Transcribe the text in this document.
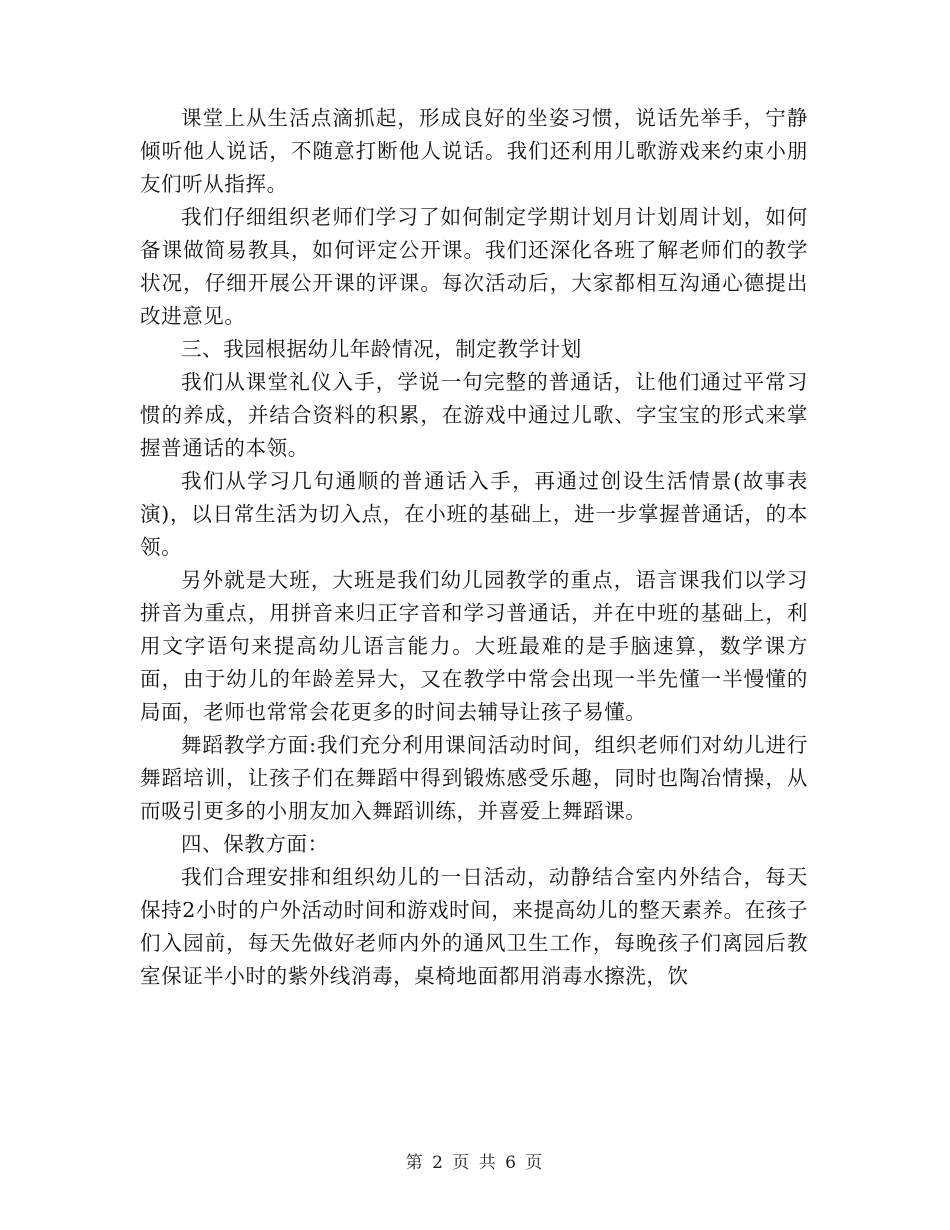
课堂上从生活点滴抓起，形成良好的坐姿习惯，说话先举手，宁静倾听他人说话，不随意打断他人说话。我们还利用儿歌游戏来约束小朋友们听从指挥。

我们仔细组织老师们学习了如何制定学期计划月计划周计划，如何备课做简易教具，如何评定公开课。我们还深化各班了解老师们的教学状况，仔细开展公开课的评课。每次活动后，大家都相互沟通心德提出改进意见。

三、我园根据幼儿年龄情况，制定教学计划

我们从课堂礼仪入手，学说一句完整的普通话，让他们通过平常习惯的养成，并结合资料的积累，在游戏中通过儿歌、字宝宝的形式来掌握普通话的本领。

我们从学习几句通顺的普通话入手，再通过创设生活情景(故事表演)，以日常生活为切入点，在小班的基础上，进一步掌握普通话，的本领。

另外就是大班，大班是我们幼儿园教学的重点，语言课我们以学习拼音为重点，用拼音来归正字音和学习普通话，并在中班的基础上，利用文字语句来提高幼儿语言能力。大班最难的是手脑速算，数学课方面，由于幼儿的年龄差异大，又在教学中常会出现一半先懂一半慢懂的局面，老师也常常会花更多的时间去辅导让孩子易懂。

舞蹈教学方面:我们充分利用课间活动时间，组织老师们对幼儿进行舞蹈培训，让孩子们在舞蹈中得到锻炼感受乐趣，同时也陶冶情操，从而吸引更多的小朋友加入舞蹈训练，并喜爱上舞蹈课。

四、保教方面：

我们合理安排和组织幼儿的一日活动，动静结合室内外结合，每天保持2小时的户外活动时间和游戏时间，来提高幼儿的整天素养。在孩子们入园前，每天先做好老师内外的通风卫生工作，每晚孩子们离园后教室保证半小时的紫外线消毒，桌椅地面都用消毒水擦洗，饮

第 2 页 共 6 页
